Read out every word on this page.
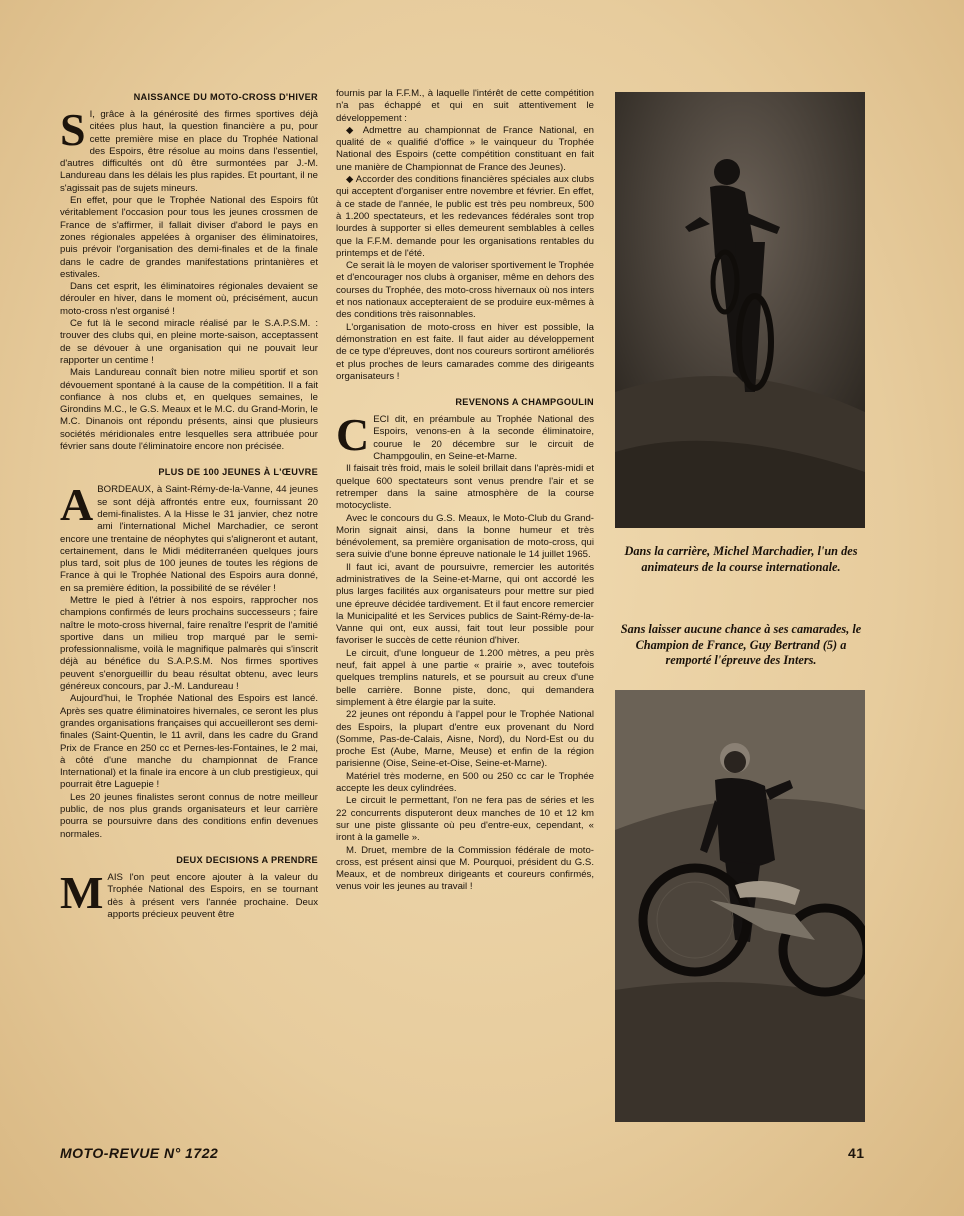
NAISSANCE DU MOTO-CROSS D'HIVER

S I, grâce à la générosité des firmes sportives déjà citées plus haut, la question financière a pu, pour cette première mise en place du Trophée National des Espoirs, être résolue au moins dans l'essentiel, d'autres difficultés ont dû être surmontées par J.-M. Landureau dans les délais les plus rapides. Et pourtant, il ne s'agissait pas de sujets mineurs.

En effet, pour que le Trophée National des Espoirs fût véritablement l'occasion pour tous les jeunes crossmen de France de s'affirmer, il fallait diviser d'abord le pays en zones régionales appelées à organiser des éliminatoires, puis prévoir l'organisation des demi-finales et de la finale dans le cadre de grandes manifestations printanières et estivales.

Dans cet esprit, les éliminatoires régionales devaient se dérouler en hiver, dans le moment où, précisément, aucun moto-cross n'est organisé !

Ce fut là le second miracle réalisé par le S.A.P.S.M. : trouver des clubs qui, en pleine morte-saison, acceptassent de se dévouer à une organisation qui ne pouvait leur rapporter un centime !

Mais Landureau connaît bien notre milieu sportif et son dévouement spontané à la cause de la compétition. Il a fait confiance à nos clubs et, en quelques semaines, le Girondins M.C., le G.S. Meaux et le M.C. du Grand-Morin, le M.C. Dinanois ont répondu présents, ainsi que plusieurs sociétés méridionales entre lesquelles sera attribuée pour février sans doute l'éliminatoire encore non précisée.

PLUS DE 100 JEUNES À L'ŒUVRE

ABORDEAUX, à Saint-Rémy-de-la-Vanne, 44 jeunes se sont déjà affrontés entre eux, fournissant 20 demi-finalistes. A la Hisse le 31 janvier, chez notre ami l'international Michel Marchadier, ce seront encore une trentaine de néophytes qui s'aligneront et autant, certainement, dans le Midi méditerranéen quelques jours plus tard, soit plus de 100 jeunes de toutes les régions de France à qui le Trophée National des Espoirs aura donné, en sa première édition, la possibilité de se révéler !

Mettre le pied à l'étrier à nos espoirs, rapprocher nos champions confirmés de leurs prochains successeurs ; faire naître le moto-cross hivernal, faire renaître l'esprit de l'amitié sportive dans un milieu trop marqué par le semi-professionnalisme, voilà le magnifique palmarès qui s'inscrit déjà au bénéfice du S.A.P.S.M. Nos firmes sportives peuvent s'enorgueillir du beau résultat obtenu, avec leurs généreux concours, par J.-M. Landureau !

Aujourd'hui, le Trophée National des Espoirs est lancé. Après ses quatre éliminatoires hivernales, ce seront les plus grandes organisations françaises qui accueilleront ses demi-finales (Saint-Quentin, le 11 avril, dans les cadre du Grand Prix de France en 250 cc et Pernes-les-Fontaines, le 2 mai, à côté d'une manche du championnat de France International) et la finale ira encore à un club prestigieux, qui pourrait être Laguepie !

Les 20 jeunes finalistes seront connus de notre meilleur public, de nos plus grands organisateurs et leur carrière pourra se poursuivre dans des conditions enfin devenues normales.

DEUX DECISIONS A PRENDRE

MAIS l'on peut encore ajouter à la valeur du Trophée National des Espoirs, en se tournant dès à présent vers l'année prochaine. Deux apports précieux peuvent être

fournis par la F.F.M., à laquelle l'intérêt de cette compétition n'a pas échappé et qui en suit attentivement le développement :

◆ Admettre au championnat de France National, en qualité de « qualifié d'office » le vainqueur du Trophée National des Espoirs (cette compétition constituant en fait une manière de Championnat de France des Jeunes).

◆ Accorder des conditions financières spéciales aux clubs qui acceptent d'organiser entre novembre et février. En effet, à ce stade de l'année, le public est très peu nombreux, 500 à 1.200 spectateurs, et les redevances fédérales sont trop lourdes à supporter si elles demeurent semblables à celles que la F.F.M. demande pour les organisations rentables du printemps et de l'été.

Ce serait là le moyen de valoriser sportivement le Trophée et d'encourager nos clubs à organiser, même en dehors des courses du Trophée, des moto-cross hivernaux où nos inters et nos nationaux accepteraient de se produire eux-mêmes à des conditions très raisonnables.

L'organisation de moto-cross en hiver est possible, la démonstration en est faite. Il faut aider au développement de ce type d'épreuves, dont nos coureurs sortiront améliorés et plus proches de leurs camarades comme des dirigeants organisateurs !

REVENONS A CHAMPGOULIN

CECI dit, en préambule au Trophée National des Espoirs, venons-en à la seconde éliminatoire, courue le 20 décembre sur le circuit de Champgoulin, en Seine-et-Marne.

Il faisait très froid, mais le soleil brillait dans l'après-midi et quelque 600 spectateurs sont venus prendre l'air et se retremper dans la saine atmosphère de la course motocycliste.

Avec le concours du G.S. Meaux, le Moto-Club du Grand-Morin signait ainsi, dans la bonne humeur et très bénévolement, sa première organisation de moto-cross, qui sera suivie d'une bonne épreuve nationale le 14 juillet 1965.

Il faut ici, avant de poursuivre, remercier les autorités administratives de la Seine-et-Marne, qui ont accordé les plus larges facilités aux organisateurs pour mettre sur pied une épreuve décidée tardivement. Et il faut encore remercier la Municipalité et les Services publics de Saint-Rémy-de-la-Vanne qui ont, eux aussi, fait tout leur possible pour favoriser le succès de cette réunion d'hiver.

Le circuit, d'une longueur de 1.200 mètres, a peu près neuf, fait appel à une partie « prairie », avec toutefois quelques tremplins naturels, et se poursuit au creux d'une belle carrière. Bonne piste, donc, qui demandera simplement à être élargie par la suite.

22 jeunes ont répondu à l'appel pour le Trophée National des Espoirs, la plupart d'entre eux provenant du Nord (Somme, Pas-de-Calais, Aisne, Nord), du Nord-Est ou du proche Est (Aube, Marne, Meuse) et enfin de la région parisienne (Oise, Seine-et-Oise, Seine-et-Marne).

Matériel très moderne, en 500 ou 250 cc car le Trophée accepte les deux cylindrées.

Le circuit le permettant, l'on ne fera pas de séries et les 22 concurrents disputeront deux manches de 10 et 12 km sur une piste glissante où peu d'entre-eux, cependant, « iront à la gamelle ».

M. Druet, membre de la Commission fédérale de moto-cross, est présent ainsi que M. Pourquoi, président du G.S. Meaux, et de nombreux dirigeants et coureurs confirmés, venus voir les jeunes au travail !

Dans la carrière, Michel Marchadier, l'un des animateurs de la course internationale.
Sans laisser aucune chance à ses camarades, le Champion de France, Guy Bertrand (5) a remporté l'épreuve des Inters.
MOTO-REVUE N° 1722	41
